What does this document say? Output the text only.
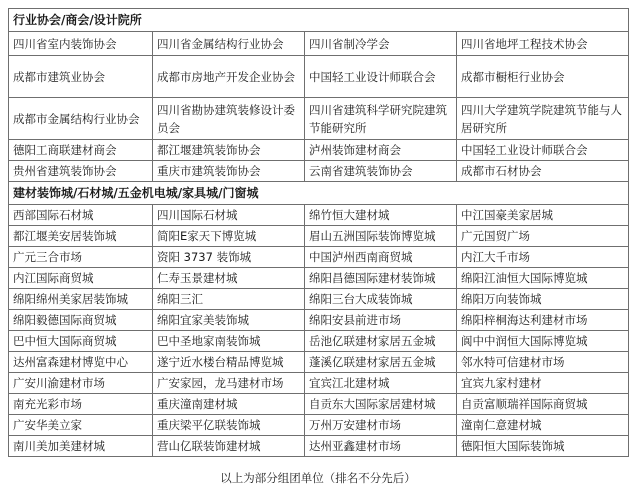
行业协会/商会/设计院所			
四川省室内装饰协会	四川省金属结构行业协会	四川省制冷学会	四川省地坪工程技术协会
成都市建筑业协会	成都市房地产开发企业协会	中国轻工业设计师联合会	成都市橱柜行业协会
成都市金属结构行业协会	四川省勘协建筑装修设计委员会	四川省建筑科学研究院建筑节能研究所	四川大学建筑学院建筑节能与人居研究所
德阳工商联建材商会	都江堰建筑装饰协会	泸州装饰建材商会	中国轻工业设计师联合会
贵州省建筑装饰协会	重庆市建筑装饰协会	云南省建筑装饰协会	成都市石材协会
建材装饰城/石材城/五金机电城/家具城/门窗城			
西部国际石材城	四川国际石材城	绵竹恒大建材城	中江国豪美家居城
都江堰美安居装饰城	简阳E家天下博览城	眉山五洲国际装饰博览城	广元国贸广场
广元三合市场	资阳 3737 装饰城	中国泸州西南商贸城	内江大千市场
内江国际商贸城	仁寿玉景建材城	绵阳昌德国际建材装饰城	绵阳江油恒大国际博览城
绵阳绵州美家居装饰城	绵阳三汇	绵阳三台大成装饰城	绵阳万向装饰城
绵阳毅德国际商贸城	绵阳宜家美装饰城	绵阳安县前进市场	绵阳梓桐海达利建材市场
巴中恒大国际商贸城	巴中圣地家南装饰城	岳池亿联建材家居五金城	阆中中润恒大国际博览城
达州富森建材博览中心	遂宁近水楼台精品博览城	蓬溪亿联建材家居五金城	邻水特可信建材市场
广安川渝建材市场	广安家园，龙马建材市场	宜宾江北建材城	宜宾九家村建材
南充光彩市场	重庆潼南建材城	自贡东大国际家居建材城	自贡富顺瑞祥国际商贸城
广安华美立家	重庆梁平亿联装饰城	万州万安建材市场	潼南仁意建材城
南川美加美建材城	营山亿联装饰建材城	达州亚鑫建材市场	德阳恒大国际装饰城
以上为部分组团单位（排名不分先后）
